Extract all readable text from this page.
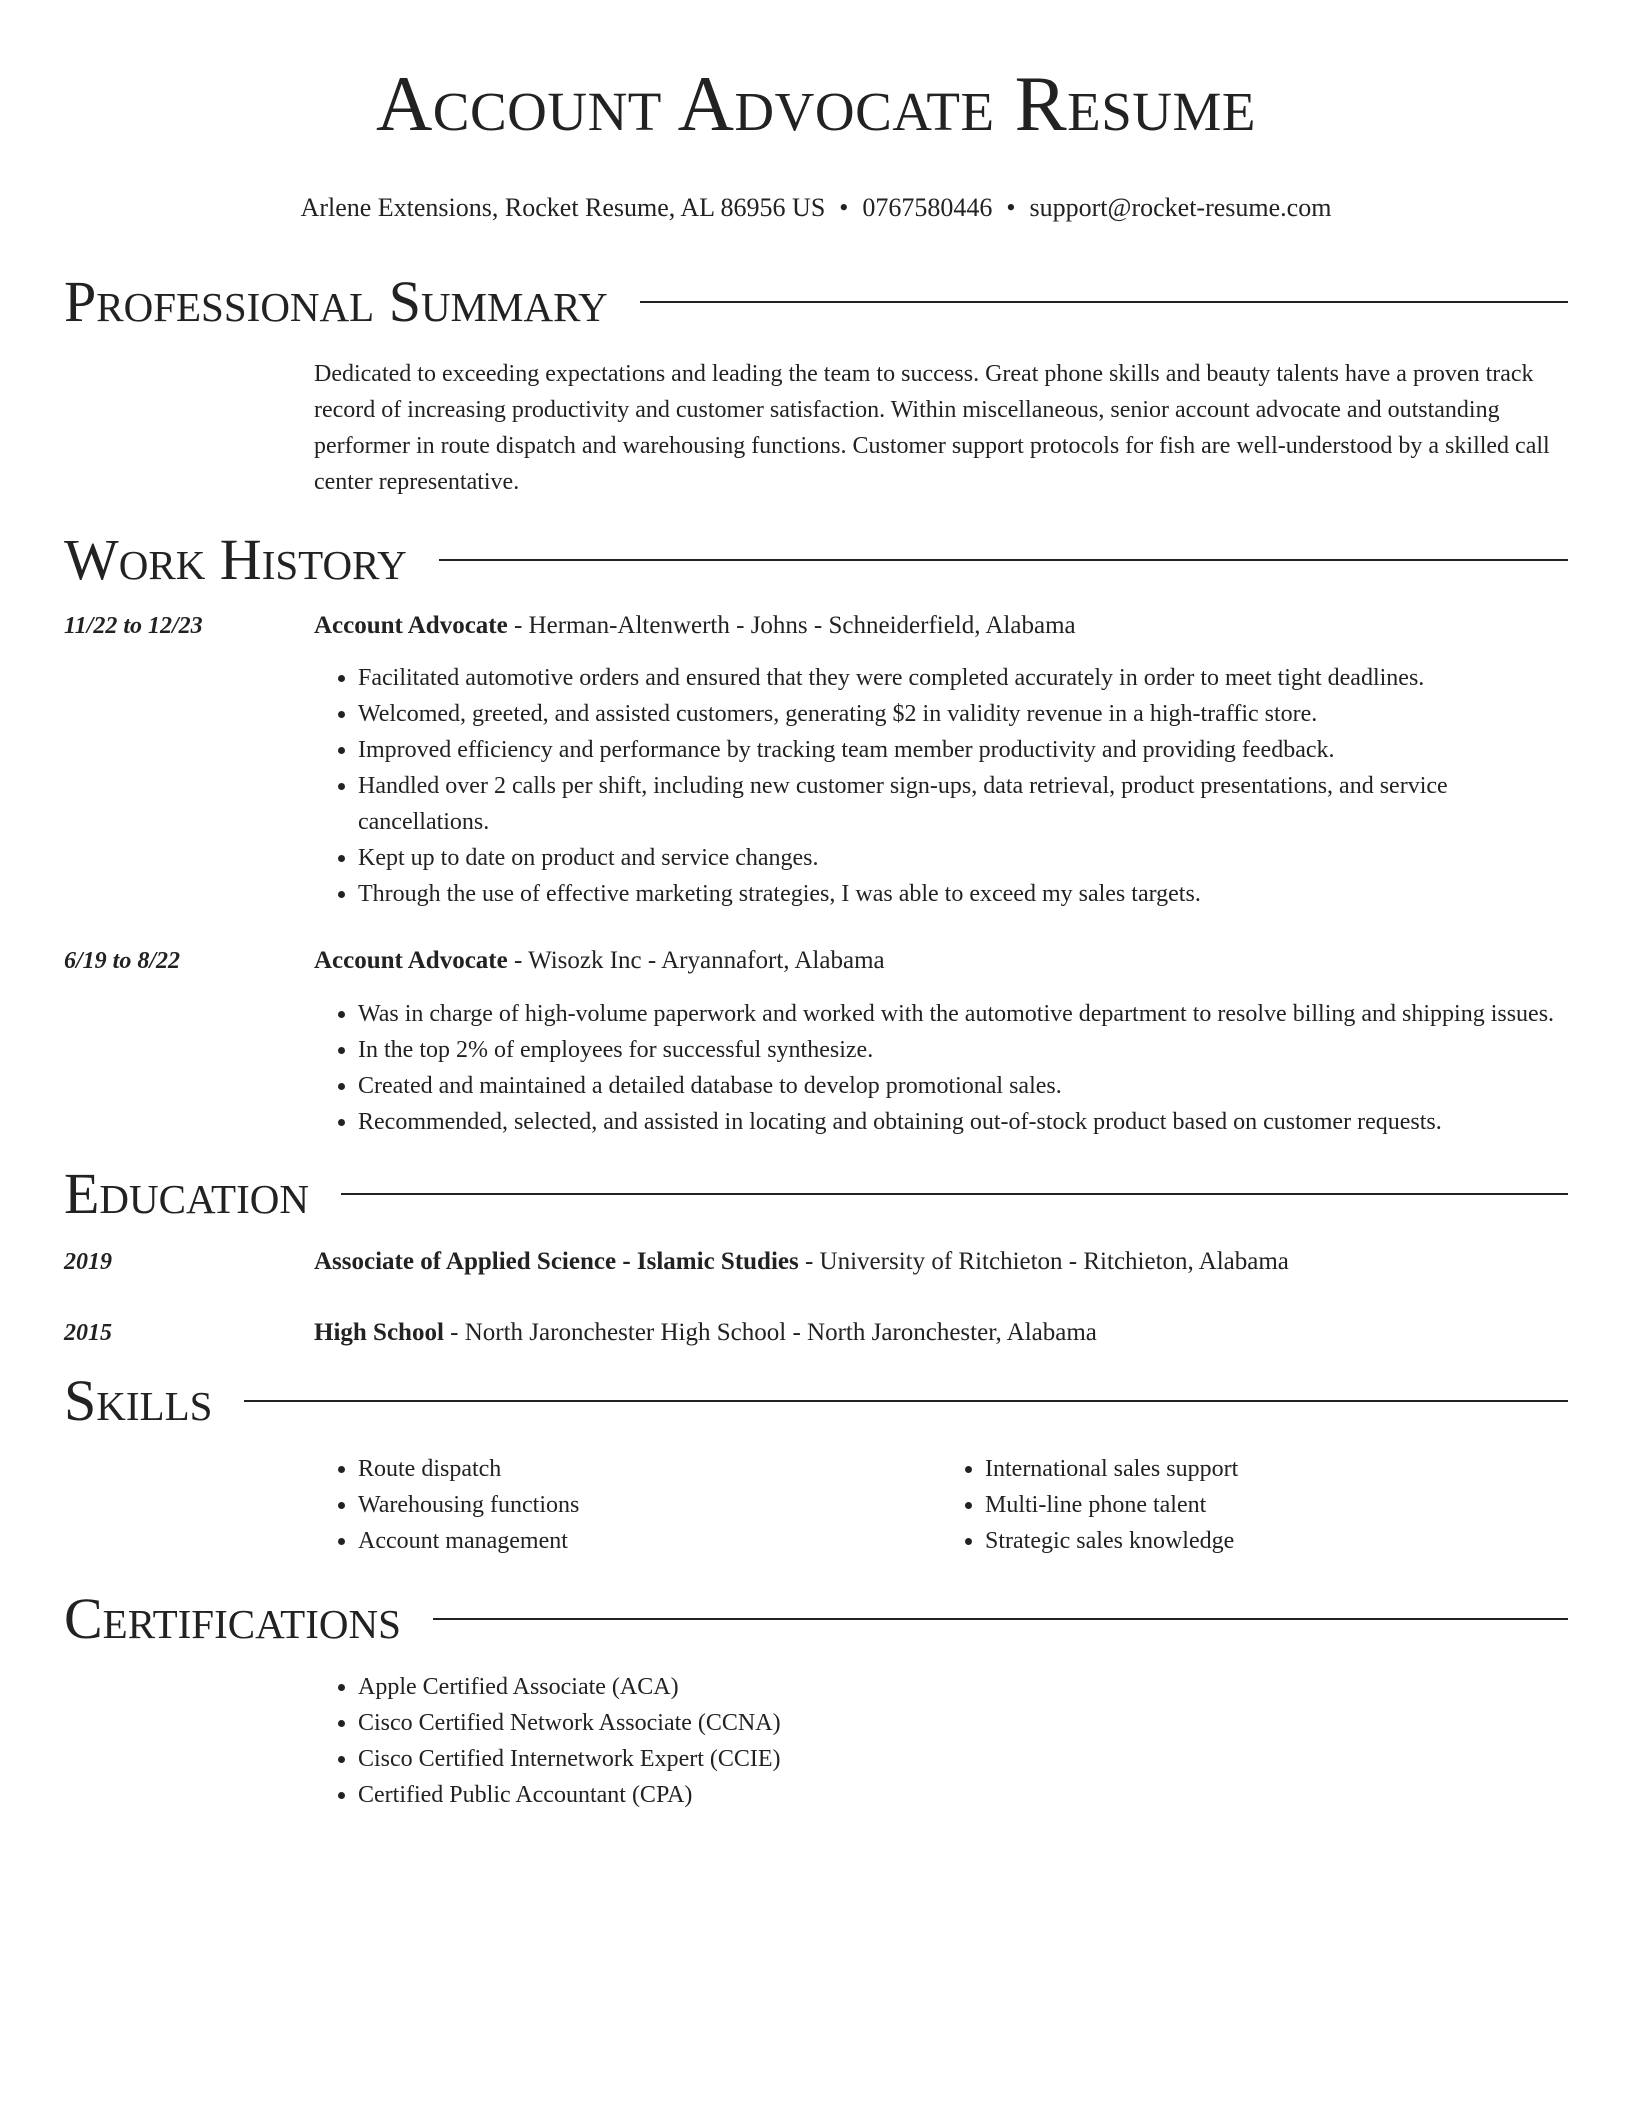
Account Advocate Resume
Arlene Extensions, Rocket Resume, AL 86956 US • 0767580446 • support@rocket-resume.com
Professional Summary

Dedicated to exceeding expectations and leading the team to success. Great phone skills and beauty talents have a proven track record of increasing productivity and customer satisfaction. Within miscellaneous, senior account advocate and outstanding performer in route dispatch and warehousing functions. Customer support protocols for fish are well-understood by a skilled call center representative.

Work History
11/22 to 12/23	Account Advocate - Herman-Altenwerth - Johns - Schneiderfield, Alabama
• Facilitated automotive orders and ensured that they were completed accurately in order to meet tight deadlines.
• Welcomed, greeted, and assisted customers, generating $2 in validity revenue in a high-traffic store.
• Improved efficiency and performance by tracking team member productivity and providing feedback.
• Handled over 2 calls per shift, including new customer sign-ups, data retrieval, product presentations, and service cancellations.
• Kept up to date on product and service changes.
• Through the use of effective marketing strategies, I was able to exceed my sales targets.
6/19 to 8/22	Account Advocate - Wisozk Inc - Aryannafort, Alabama
• Was in charge of high-volume paperwork and worked with the automotive department to resolve billing and shipping issues.
• In the top 2% of employees for successful synthesize.
• Created and maintained a detailed database to develop promotional sales.
• Recommended, selected, and assisted in locating and obtaining out-of-stock product based on customer requests.
Education
2019	Associate of Applied Science - Islamic Studies - University of Ritchieton - Ritchieton, Alabama
2015	High School - North Jaronchester High School - North Jaronchester, Alabama
Skills
• Route dispatch
• Warehousing functions
• Account management
• International sales support
• Multi-line phone talent
• Strategic sales knowledge
Certifications
• Apple Certified Associate (ACA)
• Cisco Certified Network Associate (CCNA)
• Cisco Certified Internetwork Expert (CCIE)
• Certified Public Accountant (CPA)
